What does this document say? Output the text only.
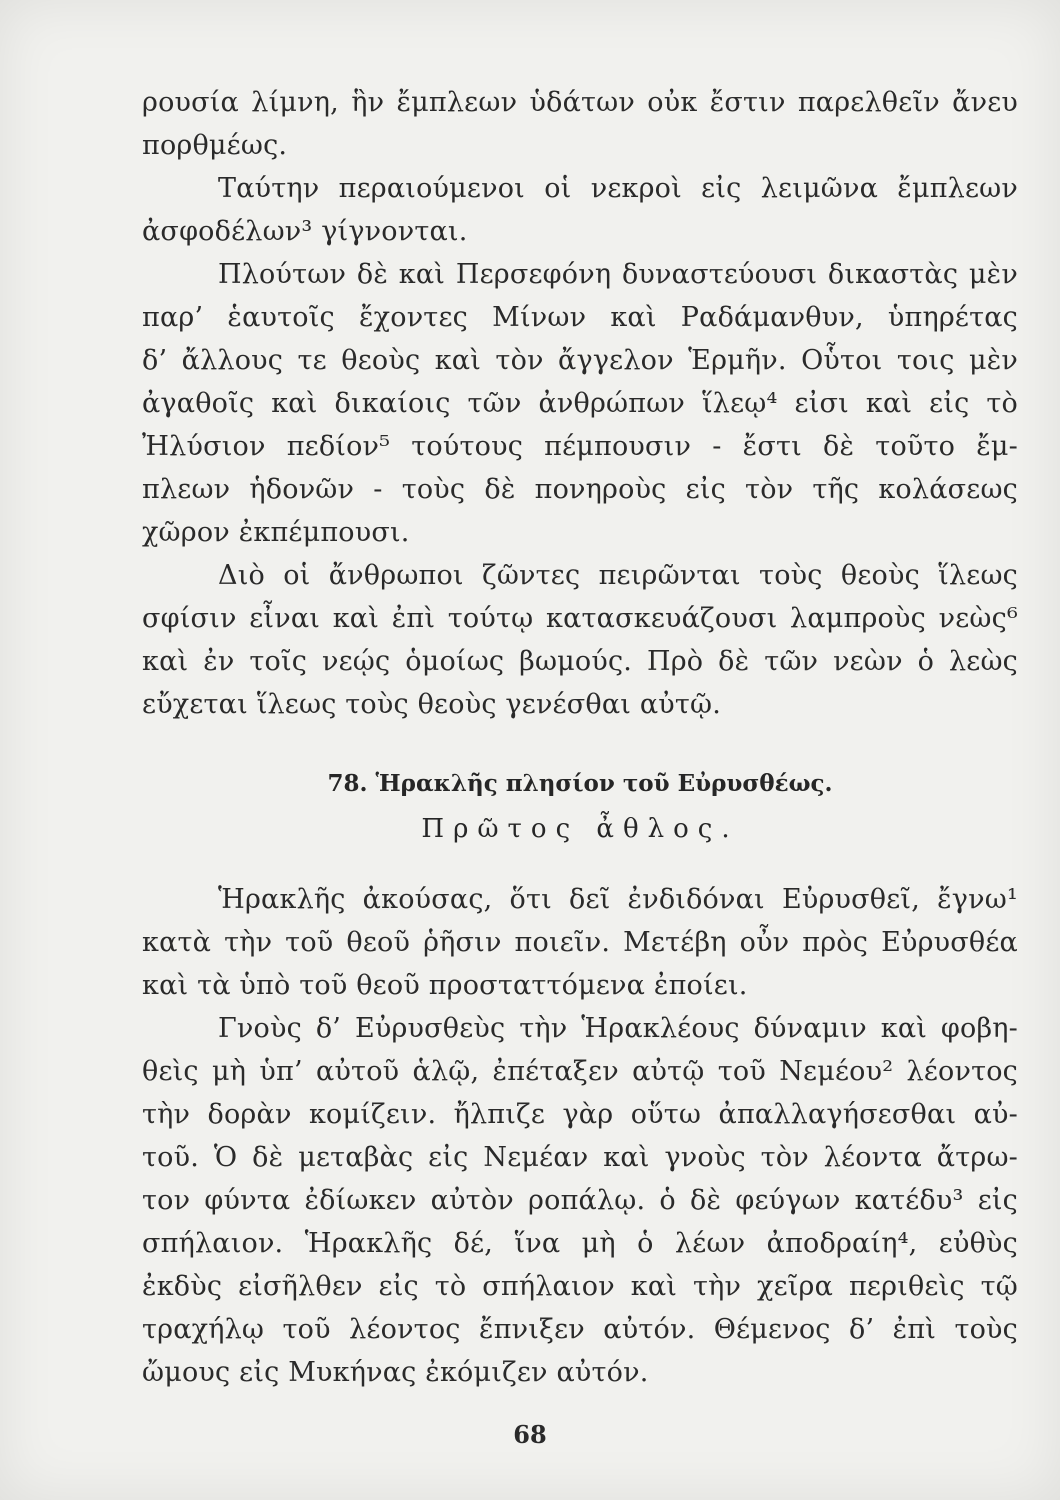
ρουσία λίμνη, ἣν ἔμπλεων ὑδάτων οὐκ ἔστιν παρελθεῖν ἄνευ
πορθμέως.
Ταύτην περαιούμενοι οἱ νεκροὶ εἰς λειμῶνα ἔμπλεων
ἀσφοδέλων³ γίγνονται.
Πλούτων δὲ καὶ Περσεφόνη δυναστεύουσι δικαστὰς μὲν
παρ’ ἑαυτοῖς ἔχοντες Μίνων καὶ Ραδάμανθυν, ὑπηρέτας
δ’ ἄλλους τε θεοὺς καὶ τὸν ἄγγελον Ἑρμῆν. Οὗτοι τοις μὲν
ἀγαθοῖς καὶ δικαίοις τῶν ἀνθρώπων ἵλεῳ⁴ εἰσι καὶ εἰς τὸ
Ἠλύσιον πεδίον⁵ τούτους πέμπουσιν - ἔστι δὲ τοῦτο ἔμ-
πλεων ἡδονῶν - τοὺς δὲ πονηροὺς εἰς τὸν τῆς κολάσεως
χῶρον ἐκπέμπουσι.
Διὸ οἱ ἄνθρωποι ζῶντες πειρῶνται τοὺς θεοὺς ἵλεως
σφίσιν εἶναι καὶ ἐπὶ τούτῳ κατασκευάζουσι λαμπροὺς νεὼς⁶
καὶ ἐν τοῖς νεῴς ὁμοίως βωμούς. Πρὸ δὲ τῶν νεὼν ὁ λεὼς
εὔχεται ἵλεως τοὺς θεοὺς γενέσθαι αὐτῷ.
78. Ἡρακλῆς πλησίον τοῦ Εὐρυσθέως.
Πρῶτος ἆθλος.
Ἡρακλῆς ἀκούσας, ὅτι δεῖ ἐνδιδόναι Εὐρυσθεῖ, ἔγνω¹
κατὰ τὴν τοῦ θεοῦ ῥῆσιν ποιεῖν. Μετέβη οὖν πρὸς Εὐρυσθέα
καὶ τὰ ὑπὸ τοῦ θεοῦ προσταττόμενα ἐποίει.
Γνοὺς δ’ Εὐρυσθεὺς τὴν Ἡρακλέους δύναμιν καὶ φοβη-
θεὶς μὴ ὑπ’ αὐτοῦ ἁλῷ, ἐπέταξεν αὐτῷ τοῦ Νεμέου² λέοντος
τὴν δορὰν κομίζειν. ἤλπιζε γὰρ οὕτω ἀπαλλαγήσεσθαι αὐ-
τοῦ. Ὁ δὲ μεταβὰς εἰς Νεμέαν καὶ γνοὺς τὸν λέοντα ἄτρω-
τον φύντα ἐδίωκεν αὐτὸν ροπάλῳ. ὁ δὲ φεύγων κατέδυ³ εἰς
σπήλαιον. Ἡρακλῆς δέ, ἵνα μὴ ὁ λέων ἀποδραίη⁴, εὐθὺς
ἐκδὺς εἰσῆλθεν εἰς τὸ σπήλαιον καὶ τὴν χεῖρα περιθεὶς τῷ
τραχήλῳ τοῦ λέοντος ἔπνιξεν αὐτόν. Θέμενος δ’ ἐπὶ τοὺς
ὤμους εἰς Μυκήνας ἐκόμιζεν αὐτόν.
68
